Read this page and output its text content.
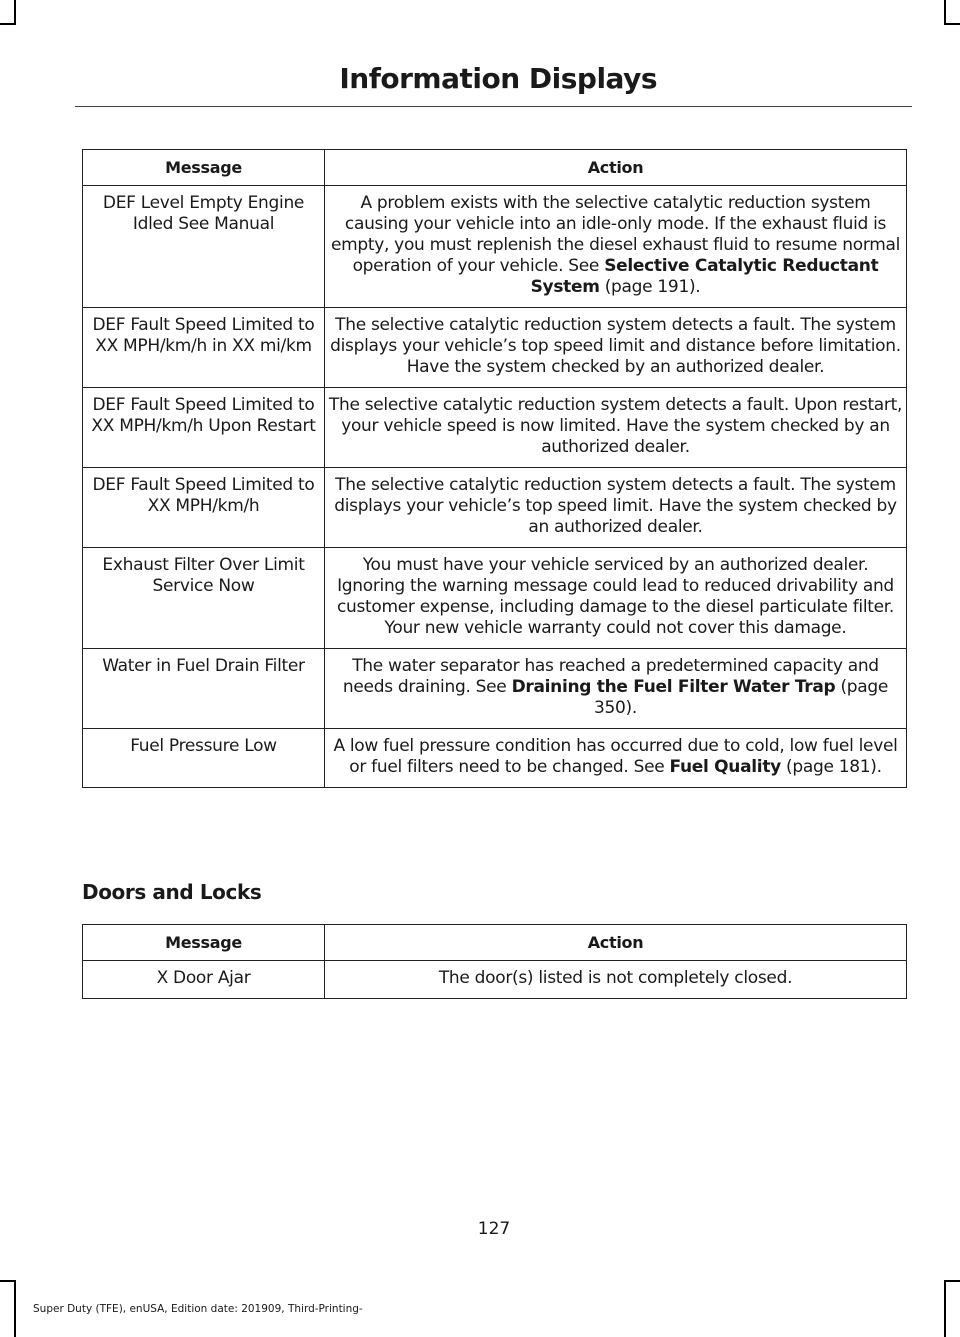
Information Displays
Message	Action
DEF Level Empty Engine Idled See Manual	A problem exists with the selective catalytic reduction system causing your vehicle into an idle-only mode. If the exhaust fluid is empty, you must replenish the diesel exhaust fluid to resume normal operation of your vehicle. See Selective Catalytic Reductant System (page 191).
DEF Fault Speed Limited to XX MPH/km/h in XX mi/km	The selective catalytic reduction system detects a fault. The system displays your vehicle’s top speed limit and distance before limitation. Have the system checked by an authorized dealer.
DEF Fault Speed Limited to XX MPH/km/h Upon Restart	The selective catalytic reduction system detects a fault. Upon restart, your vehicle speed is now limited. Have the system checked by an authorized dealer.
DEF Fault Speed Limited to XX MPH/km/h	The selective catalytic reduction system detects a fault. The system displays your vehicle’s top speed limit. Have the system checked by an authorized dealer.
Exhaust Filter Over Limit Service Now	You must have your vehicle serviced by an authorized dealer. Ignoring the warning message could lead to reduced drivability and customer expense, including damage to the diesel particulate filter. Your new vehicle warranty could not cover this damage.
Water in Fuel Drain Filter	The water separator has reached a predetermined capacity and needs draining. See Draining the Fuel Filter Water Trap (page 350).
Fuel Pressure Low	A low fuel pressure condition has occurred due to cold, low fuel level or fuel filters need to be changed. See Fuel Quality (page 181).
Doors and Locks
Message	Action
X Door Ajar	The door(s) listed is not completely closed.
127
Super Duty (TFE), enUSA, Edition date: 201909, Third-Printing-
